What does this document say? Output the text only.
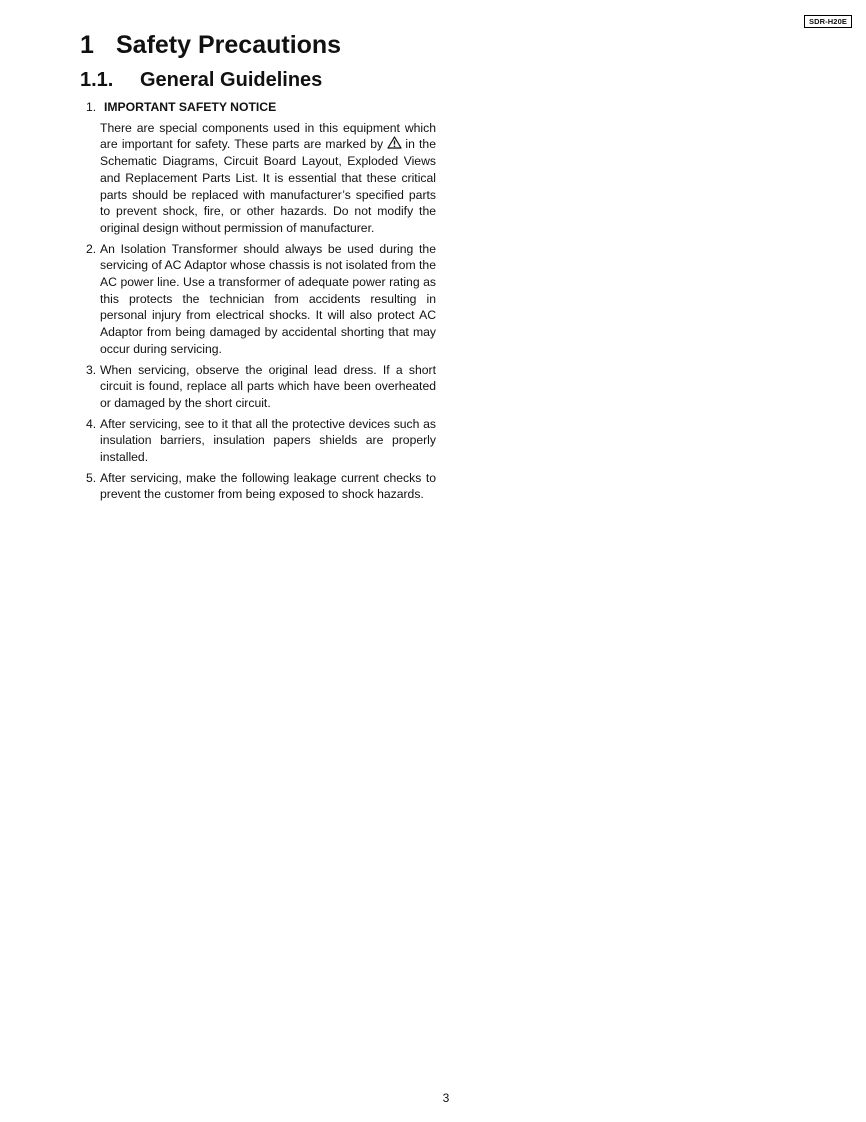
SDR-H20E
1 Safety Precautions
1.1. General Guidelines
1. IMPORTANT SAFETY NOTICE
There are special components used in this equipment which are important for safety. These parts are marked by in the Schematic Diagrams, Circuit Board Layout, Exploded Views and Replacement Parts List. It is essential that these critical parts should be replaced with manufacturer’s specified parts to prevent shock, fire, or other hazards. Do not modify the original design without permission of manufacturer.
2. An Isolation Transformer should always be used during the servicing of AC Adaptor whose chassis is not isolated from the AC power line. Use a transformer of adequate power rating as this protects the technician from accidents resulting in personal injury from electrical shocks. It will also protect AC Adaptor from being damaged by accidental shorting that may occur during servicing.
3. When servicing, observe the original lead dress. If a short circuit is found, replace all parts which have been overheated or damaged by the short circuit.
4. After servicing, see to it that all the protective devices such as insulation barriers, insulation papers shields are properly installed.
5. After servicing, make the following leakage current checks to prevent the customer from being exposed to shock hazards.
3
